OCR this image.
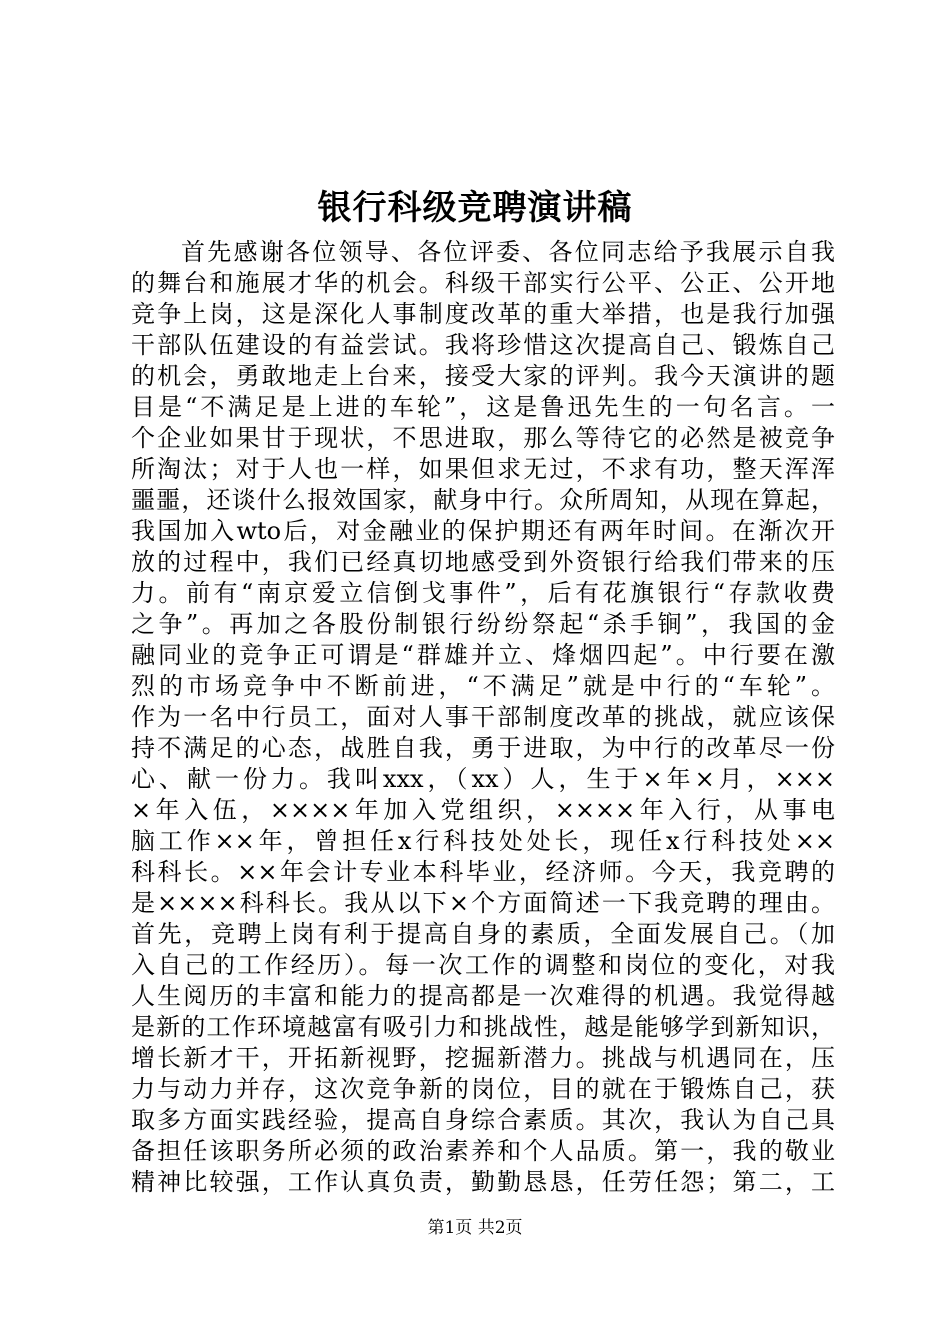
银行科级竞聘演讲稿
首先感谢各位领导、各位评委、各位同志给予我展示自我
的舞台和施展才华的机会。科级干部实行公平、公正、公开地
竞争上岗，这是深化人事制度改革的重大举措，也是我行加强
干部队伍建设的有益尝试。我将珍惜这次提高自己、锻炼自己
的机会，勇敢地走上台来，接受大家的评判。我今天演讲的题
目是“不满足是上进的车轮”，这是鲁迅先生的一句名言。一
个企业如果甘于现状，不思进取，那么等待它的必然是被竞争
所淘汰；对于人也一样，如果但求无过，不求有功，整天浑浑
噩噩，还谈什么报效国家，献身中行。众所周知，从现在算起，
我国加入wto后，对金融业的保护期还有两年时间。在渐次开
放的过程中，我们已经真切地感受到外资银行给我们带来的压
力。前有“南京爱立信倒戈事件”，后有花旗银行“存款收费
之争”。再加之各股份制银行纷纷祭起“杀手锏”，我国的金
融同业的竞争正可谓是“群雄并立、烽烟四起”。中行要在激
烈的市场竞争中不断前进，“不满足”就是中行的“车轮”。
作为一名中行员工，面对人事干部制度改革的挑战，就应该保
持不满足的心态，战胜自我，勇于进取，为中行的改革尽一份
心、献一份力。我叫xxx，（xx）人，生于×年×月，×××
×年入伍，××××年加入党组织，××××年入行，从事电
脑工作××年，曾担任x行科技处处长，现任x行科技处××
科科长。××年会计专业本科毕业，经济师。今天，我竞聘的
是××××科科长。我从以下×个方面简述一下我竞聘的理由。
首先，竞聘上岗有利于提高自身的素质，全面发展自己。（加
入自己的工作经历）。每一次工作的调整和岗位的变化，对我
人生阅历的丰富和能力的提高都是一次难得的机遇。我觉得越
是新的工作环境越富有吸引力和挑战性，越是能够学到新知识，
增长新才干，开拓新视野，挖掘新潜力。挑战与机遇同在，压
力与动力并存，这次竞争新的岗位，目的就在于锻炼自己，获
取多方面实践经验，提高自身综合素质。其次，我认为自己具
备担任该职务所必须的政治素养和个人品质。第一，我的敬业
精神比较强，工作认真负责，勤勤恳恳，任劳任怨；第二，工
第1页 共2页
